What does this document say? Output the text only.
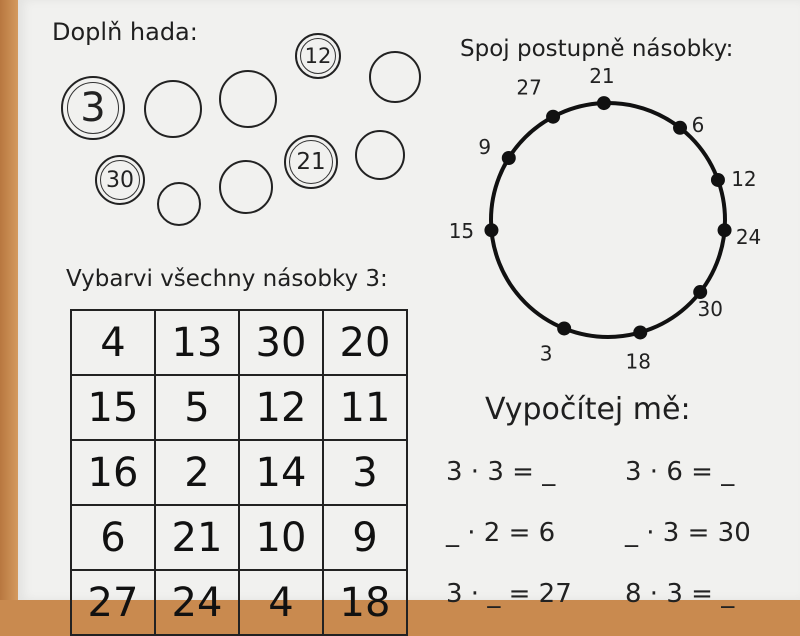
Doplň hada:
3
12
30
21
Vybarvi všechny násobky 3:
4	13	30	20
15	5	12	11
16	2	14	3
6	21	10	9
27	24	4	18
Spoj postupně násobky:
21
6
12
24
30
18
3
15
9
27
Vypočítej mě:
3 · 3 = _	3 · 6 = _
_ · 2 = 6	_ · 3 = 30
3 · _ = 27 8 · 3 = _
